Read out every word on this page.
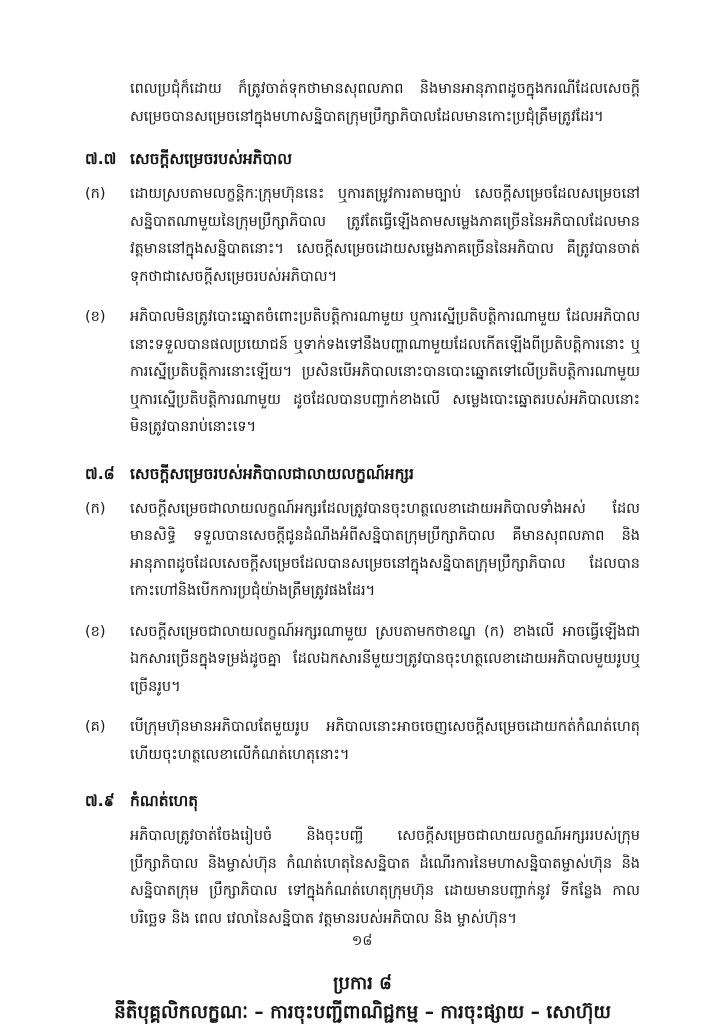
ពេលប្រជុំក៏ដោយ ក៏ត្រូវចាត់ទុកថាមានសុពលភាព និងមានអានុភាពដូចក្នុងករណីដែលសេចក្ដី សម្រេចបានសម្រេចនៅក្នុងមហាសន្និបាតក្រុមប្រឹក្សាភិបាលដែលមានកោះប្រជុំត្រឹមត្រូវដែរ។

៧.៧ សេចក្ដីសម្រេចរបស់អភិបាល
(ក)	ដោយស្របតាមលក្ខន្តិកៈក្រុមហ៊ុននេះ ឬការតម្រូវការតាមច្បាប់ សេចក្ដីសម្រេចដែលសម្រេចនៅ សន្និបាតណាមួយនៃក្រុមប្រឹក្សាភិបាល ត្រូវតែធ្វើឡើងតាមសម្លេងភាគច្រើននៃអភិបាលដែលមាន វត្តមាននៅក្នុងសន្និបាតនោះ។ សេចក្ដីសម្រេចដោយសម្លេងភាគច្រើននៃអភិបាល គឺត្រូវបានចាត់ ទុកថាជាសេចក្ដីសម្រេចរបស់អភិបាល។

(ខ)	អភិបាលមិនត្រូវបោះឆ្នោតចំពោះប្រតិបត្តិការណាមួយ ឬការស្នើប្រតិបត្តិការណាមួយ ដែលអភិបាល នោះទទួលបានផលប្រយោជន៍ ឬទាក់ទងទៅនឹងបញ្ហាណាមួយដែលកើតឡើងពីប្រតិបត្តិការនោះ ឬ ការស្នើប្រតិបត្តិការនោះឡើយ។ ប្រសិនបើអភិបាលនោះបានបោះឆ្នោតទៅលើប្រតិបត្តិការណាមួយ ឬការស្នើប្រតិបត្តិការណាមួយ ដូចដែលបានបញ្ជាក់ខាងលើ សម្លេងបោះឆ្នោតរបស់អភិបាលនោះ មិនត្រូវបានរាប់នោះទេ។

៧.៨ សេចក្ដីសម្រេចរបស់អភិបាលជាលាយលក្ខណ៍អក្សរ
(ក)	សេចក្ដីសម្រេចជាលាយលក្ខណ៍អក្សរដែលត្រូវបានចុះហត្ថលេខាដោយអភិបាលទាំងអស់ ដែល មានសិទ្ធិ ទទួលបានសេចក្ដីជូនដំណឹងអំពីសន្និបាតក្រុមប្រឹក្សាភិបាល គឺមានសុពលភាព និង អានុភាពដូចដែលសេចក្ដីសម្រេចដែលបានសម្រេចនៅក្នុងសន្និបាតក្រុមប្រឹក្សាភិបាល ដែលបាន កោះហៅនិងបើកការប្រជុំយ៉ាងត្រឹមត្រូវផងដែរ។

(ខ)	សេចក្ដីសម្រេចជាលាយលក្ខណ៍អក្សរណាមួយ ស្របតាមកថាខណ្ឌ (ក) ខាងលើ អាចធ្វើឡើងជា ឯកសារច្រើនក្នុងទម្រង់ដូចគ្នា ដែលឯកសារនីមួយៗត្រូវបានចុះហត្ថលេខាដោយអភិបាលមួយរូបឬ ច្រើនរូប។

(គ)	បើក្រុមហ៊ុនមានអភិបាលតែមួយរូប អភិបាលនោះអាចចេញសេចក្ដីសម្រេចដោយកត់កំណត់ហេតុ ហើយចុះហត្ថលេខាលើកំណត់ហេតុនោះ។

៧.៩ កំណត់ហេតុ

អភិបាលត្រូវចាត់ចែងរៀបចំ និងចុះបញ្ជី សេចក្ដីសម្រេចជាលាយលក្ខណ៍អក្សររបស់ក្រុមប្រឹក្សាភិបាល និងម្ចាស់ហ៊ុន កំណត់ហេតុនៃសន្និបាត ដំណើរការនៃមហាសន្និបាតម្ចាស់ហ៊ុន និង សន្និបាតក្រុម ប្រឹក្សាភិបាល ទៅក្នុងកំណត់ហេតុក្រុមហ៊ុន ដោយមានបញ្ជាក់នូវ ទីកន្លែង កាលបរិច្ឆេទ និង ពេល វេលានៃសន្និបាត វត្តមានរបស់អភិបាល និង ម្ចាស់ហ៊ុន។

ប្រការ ៨

នីតិបុគ្គលិកលក្ខណៈ – ការចុះបញ្ជីពាណិជ្ជកម្ម – ការចុះផ្សាយ – សោហ៊ុយ

១៨
